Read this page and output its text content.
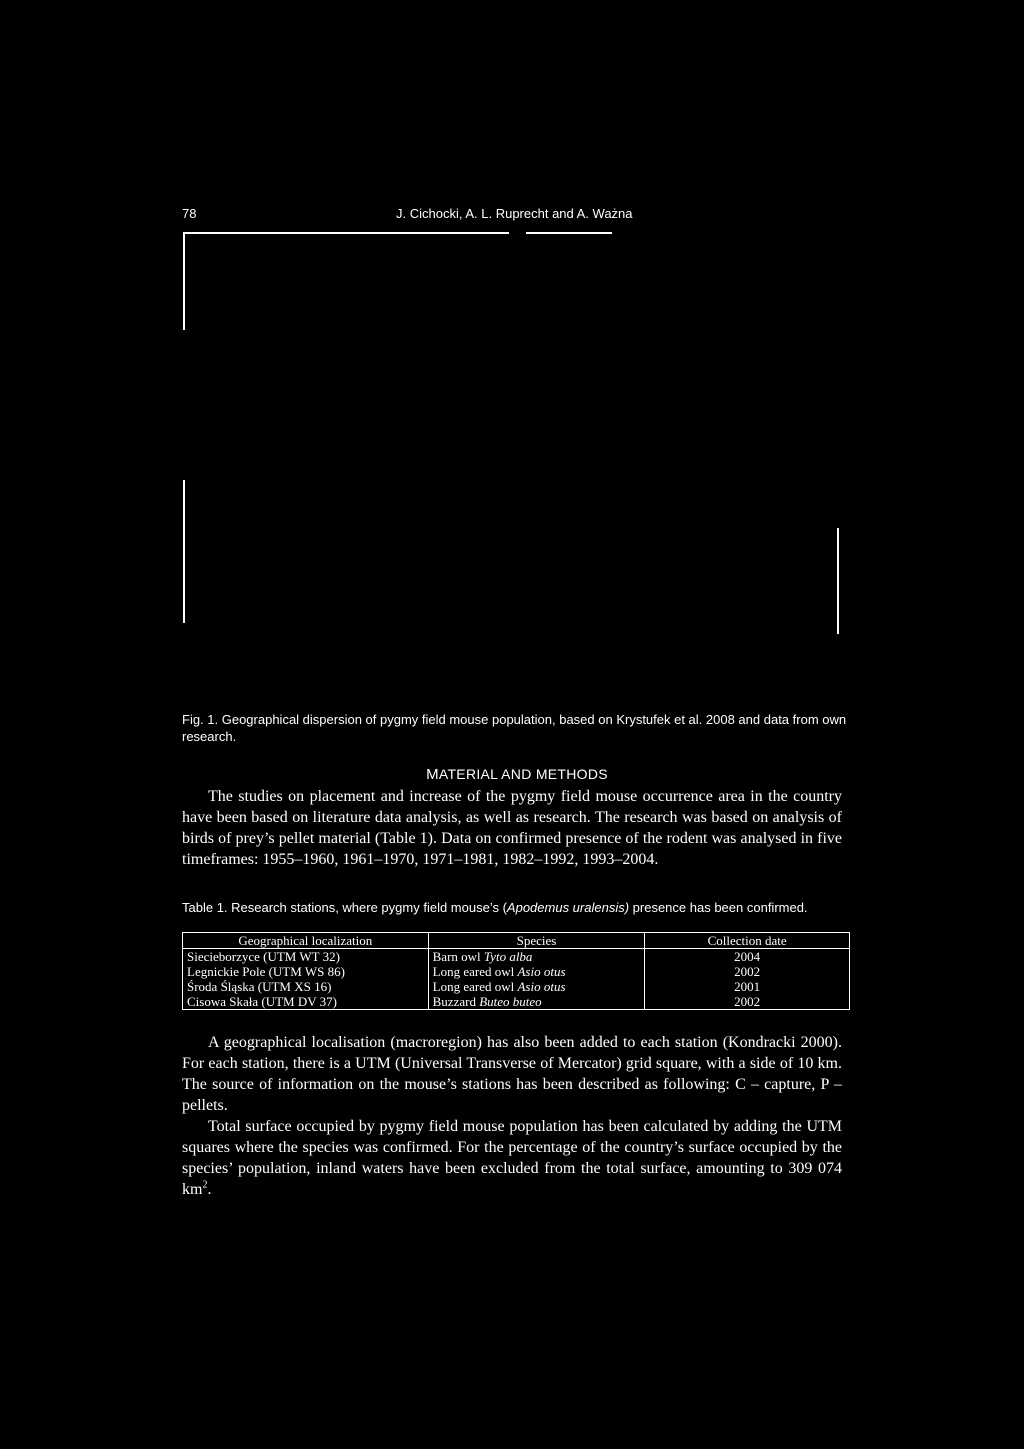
78	J. Cichocki, A. L. Ruprecht and A. Ważna
Fig. 1. Geographical dispersion of pygmy field mouse population, based on Krystufek et al. 2008 and data from own research.
MATERIAL AND METHODS

The studies on placement and increase of the pygmy field mouse occurrence area in the country have been based on literature data analysis, as well as research. The research was based on analysis of birds of prey’s pellet material (Table 1). Data on confirmed presence of the rodent was analysed in five timeframes: 1955–1960, 1961–1970, 1971–1981, 1982–1992, 1993–2004.

Table 1. Research stations, where pygmy field mouse’s (Apodemus uralensis) presence has been confirmed.
Geographical localization	Species	Collection date
Siecieborzyce (UTM WT 32)	Barn owl Tyto alba	2004
Legnickie Pole (UTM WS 86)	Long eared owl Asio otus	2002
Środa Śląska (UTM XS 16)	Long eared owl Asio otus	2001
Cisowa Skała (UTM DV 37)	Buzzard Buteo buteo	2002

A geographical localisation (macroregion) has also been added to each station (Kondracki 2000). For each station, there is a UTM (Universal Transverse of Mercator) grid square, with a side of 10 km. The source of information on the mouse’s stations has been described as following: C – capture, P – pellets.

Total surface occupied by pygmy field mouse population has been calculated by adding the UTM squares where the species was confirmed. For the percentage of the country’s surface occupied by the species’ population, inland waters have been excluded from the total surface, amounting to 309 074 $km^2$.
